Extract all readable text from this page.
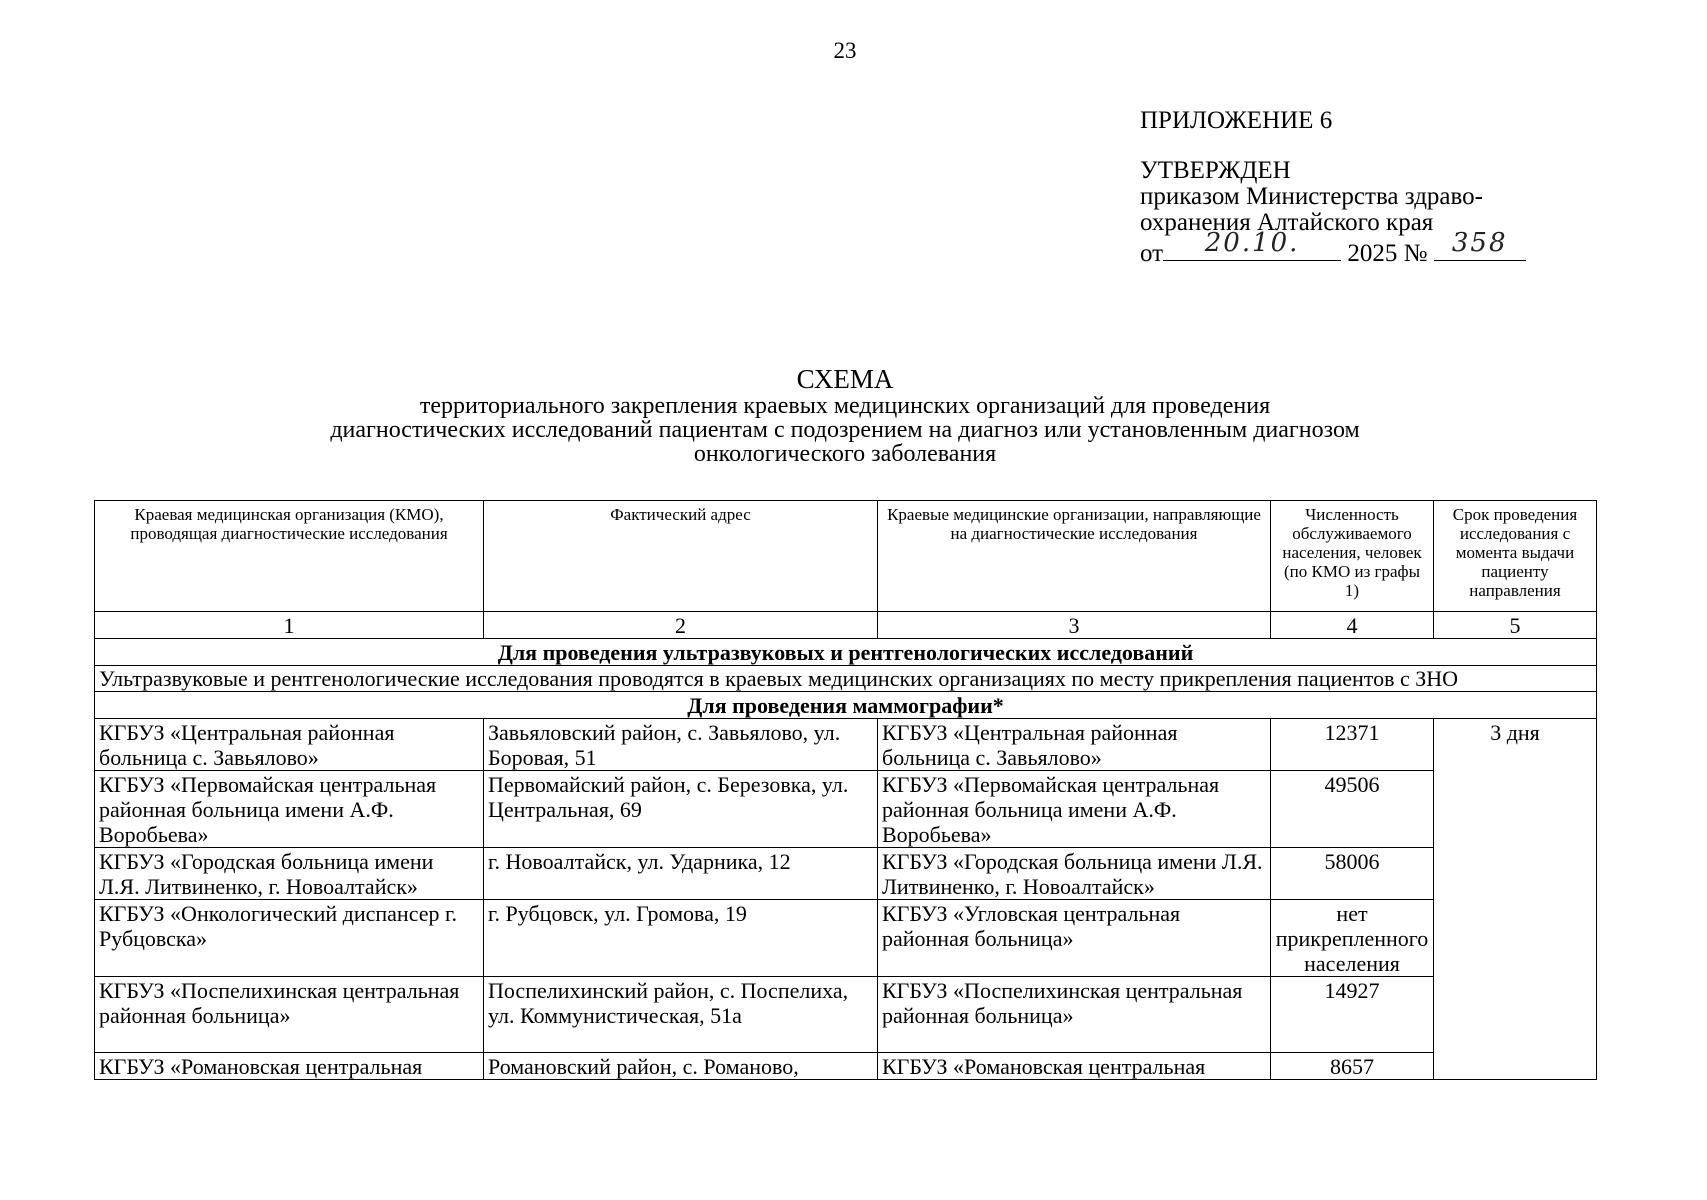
23
ПРИЛОЖЕНИЕ 6
УТВЕРЖДЕН
приказом Министерства здраво-
охранения Алтайского края
от	20.10.	2025 № 358
СХЕМА
территориального закрепления краевых медицинских организаций для проведения
диагностических исследований пациентам с подозрением на диагноз или установленным диагнозом
онкологического заболевания
Краевая медицинская организация (КМО), проводящая диагностические исследования	Фактический адрес	Краевые медицинские организации, направляющие на диагностические исследования	Численность обслуживаемого населения, человек (по КМО из графы 1)	Срок проведения исследования с момента выдачи пациенту направления
1	2	3	4	5
Для проведения ультразвуковых и рентгенологических исследований				
Ультразвуковые и рентгенологические исследования проводятся в краевых медицинских организациях по месту прикрепления пациентов с ЗНО				
Для проведения маммографии*				
КГБУЗ «Центральная районная больница с. Завьялово»	Завьяловский район, с. Завьялово, ул. Боровая, 51	КГБУЗ «Центральная районная больница с. Завьялово»	12371	3 дня
КГБУЗ «Первомайская центральная районная больница имени А.Ф. Воробьева»	Первомайский район, с. Березовка, ул. Центральная, 69	КГБУЗ «Первомайская центральная районная больница имени А.Ф. Воробьева»	49506	
КГБУЗ «Городская больница имени Л.Я. Литвиненко, г. Новоалтайск»	г. Новоалтайск, ул. Ударника, 12	КГБУЗ «Городская больница имени Л.Я. Литвиненко, г. Новоалтайск»	58006	
КГБУЗ «Онкологический диспансер г. Рубцовска»	г. Рубцовск, ул. Громова, 19	КГБУЗ «Угловская центральная районная больница»	нет прикрепленного населения	
КГБУЗ «Поспелихинская центральная районная больница»	Поспелихинский район, с. Поспелиха, ул. Коммунистическая, 51а	КГБУЗ «Поспелихинская центральная районная больница»	14927	
КГБУЗ «Романовская центральная	Романовский район, с. Романово,	КГБУЗ «Романовская центральная	8657	
